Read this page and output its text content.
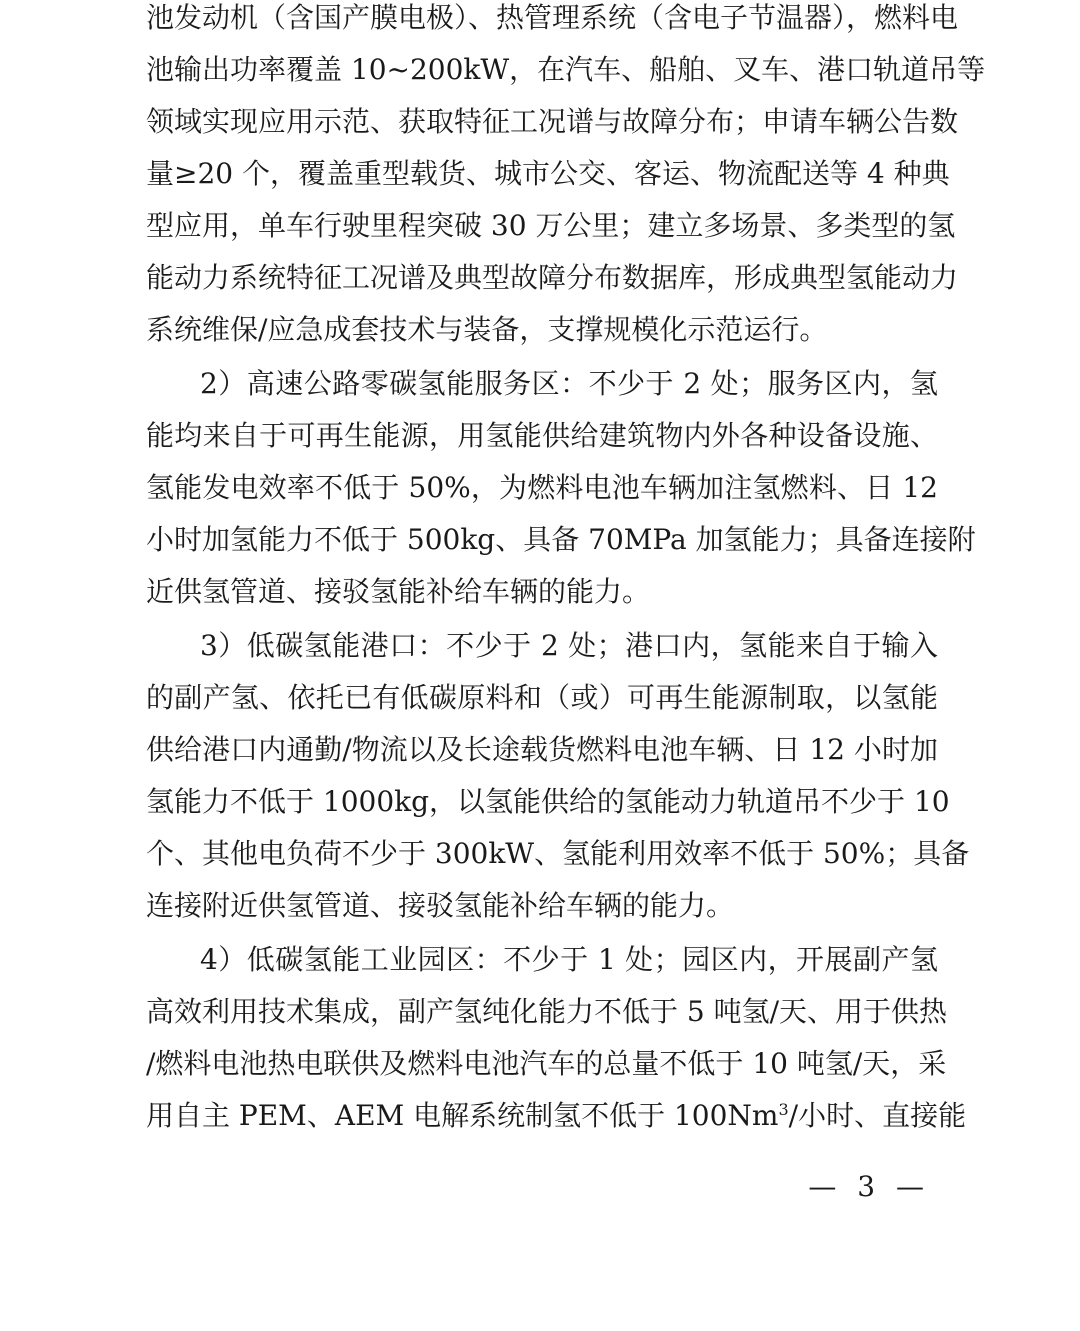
池发动机（含国产膜电极）、热管理系统（含电子节温器），燃料电
池输出功率覆盖 10~200kW，在汽车、船舶、叉车、港口轨道吊等
领域实现应用示范、获取特征工况谱与故障分布；申请车辆公告数
量≥20 个，覆盖重型载货、城市公交、客运、物流配送等 4 种典
型应用，单车行驶里程突破 30 万公里；建立多场景、多类型的氢
能动力系统特征工况谱及典型故障分布数据库，形成典型氢能动力
系统维保/应急成套技术与装备，支撑规模化示范运行。
2）高速公路零碳氢能服务区：不少于 2 处；服务区内，氢
能均来自于可再生能源，用氢能供给建筑物内外各种设备设施、
氢能发电效率不低于 50%，为燃料电池车辆加注氢燃料、日 12
小时加氢能力不低于 500kg、具备 70MPa 加氢能力；具备连接附
近供氢管道、接驳氢能补给车辆的能力。
3）低碳氢能港口：不少于 2 处；港口内，氢能来自于输入
的副产氢、依托已有低碳原料和（或）可再生能源制取，以氢能
供给港口内通勤/物流以及长途载货燃料电池车辆、日 12 小时加
氢能力不低于 1000kg，以氢能供给的氢能动力轨道吊不少于 10
个、其他电负荷不少于 300kW、氢能利用效率不低于 50%；具备
连接附近供氢管道、接驳氢能补给车辆的能力。
4）低碳氢能工业园区：不少于 1 处；园区内，开展副产氢
高效利用技术集成，副产氢纯化能力不低于 5 吨氢/天、用于供热
/燃料电池热电联供及燃料电池汽车的总量不低于 10 吨氢/天，采
用自主 PEM、AEM 电解系统制氢不低于 100Nm$^3$/小时、直接能
— 3 —
